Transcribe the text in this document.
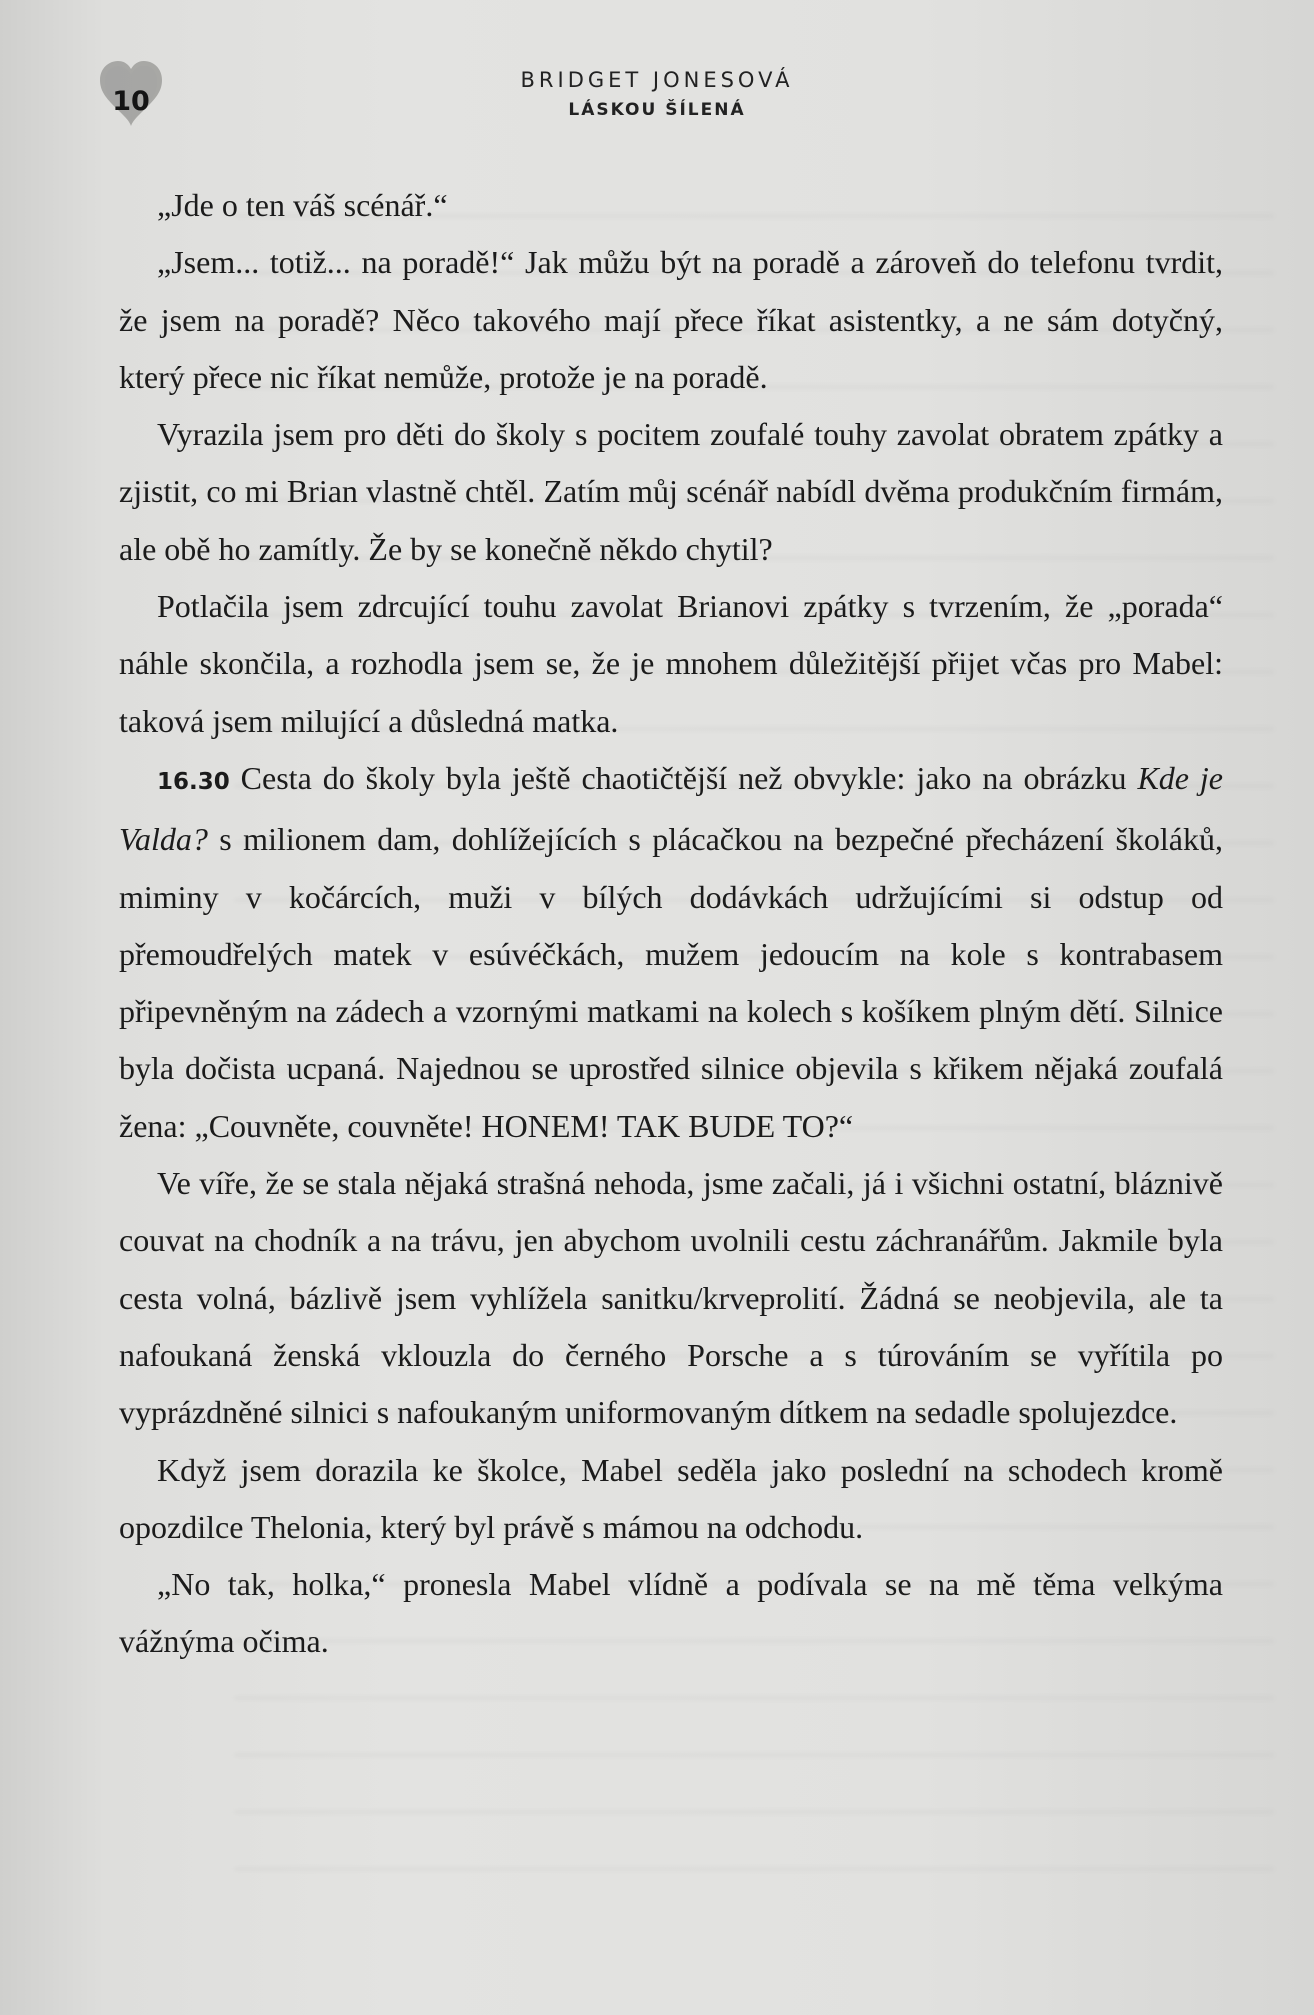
10
BRIDGET JONESOVÁ
LÁSKOU ŠÍLENÁ

„Jde o ten váš scénář.“

„Jsem... totiž... na poradě!“ Jak můžu být na poradě a zároveň do telefonu tvrdit, že jsem na poradě? Něco takového mají přece říkat asistentky, a ne sám dotyčný, který přece nic říkat nemůže, protože je na poradě.

Vyrazila jsem pro děti do školy s pocitem zoufalé touhy zavolat obratem zpátky a zjistit, co mi Brian vlastně chtěl. Zatím můj scénář nabídl dvěma produkčním firmám, ale obě ho zamítly. Že by se konečně někdo chytil?

Potlačila jsem zdrcující touhu zavolat Brianovi zpátky s tvrzením, že „porada“ náhle skončila, a rozhodla jsem se, že je mnohem důležitější přijet včas pro Mabel: taková jsem milující a důsledná matka.

16.30 Cesta do školy byla ještě chaotičtější než obvykle: jako na obrázku Kde je Valda? s milionem dam, dohlížejících s plácačkou na bezpečné přecházení školáků, miminy v kočárcích, muži v bílých dodávkách udržujícími si odstup od přemoudřelých matek v esúvéčkách, mužem jedoucím na kole s kontrabasem připevněným na zádech a vzornými matkami na kolech s košíkem plným dětí. Silnice byla dočista ucpaná. Najednou se uprostřed silnice objevila s křikem nějaká zoufalá žena: „Couvněte, couvněte! HONEM! TAK BUDE TO?“

Ve víře, že se stala nějaká strašná nehoda, jsme začali, já i všichni ostatní, bláznivě couvat na chodník a na trávu, jen abychom uvolnili cestu záchranářům. Jakmile byla cesta volná, bázlivě jsem vyhlížela sanitku/krveprolití. Žádná se neobjevila, ale ta nafoukaná ženská vklouzla do černého Porsche a s túrováním se vyřítila po vyprázdněné silnici s nafoukaným uniformovaným dítkem na sedadle spolujezdce.

Když jsem dorazila ke školce, Mabel seděla jako poslední na schodech kromě opozdilce Thelonia, který byl právě s mámou na odchodu.

„No tak, holka,“ pronesla Mabel vlídně a podívala se na mě těma velkýma vážnýma očima.
